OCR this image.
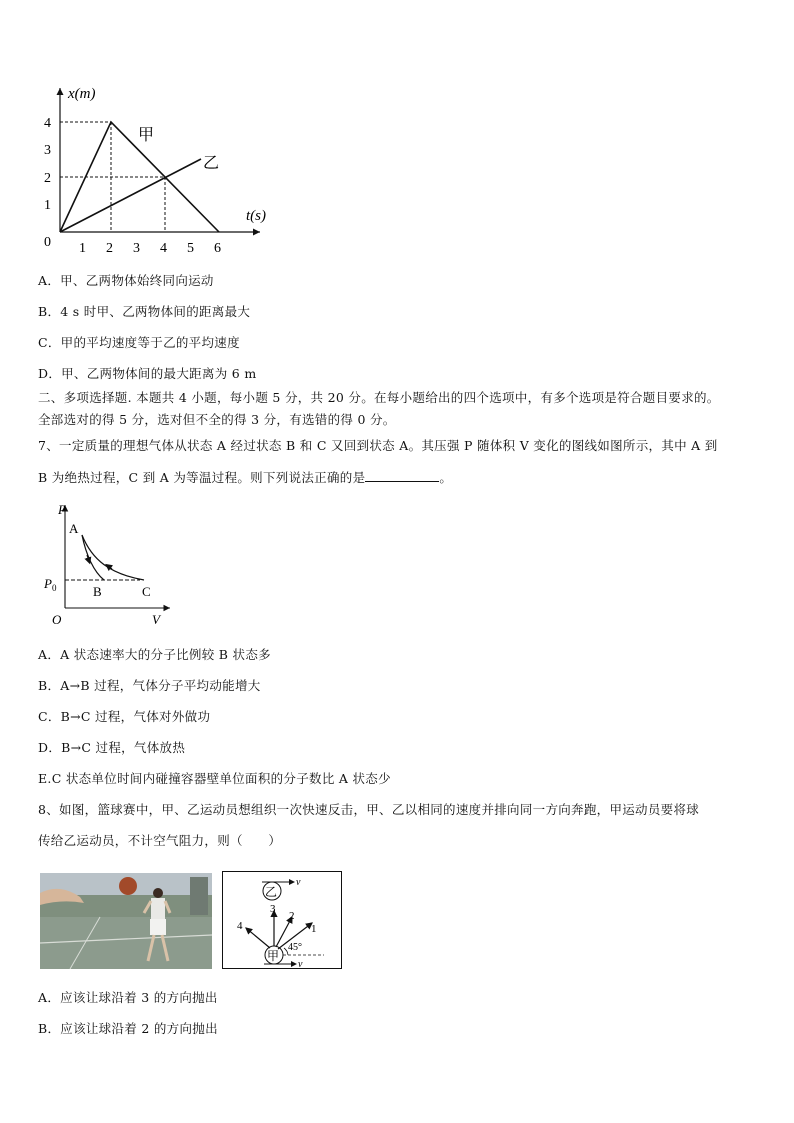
x(m)
t(s)
0
1
2
3
4
1 2 3 4 5 6
甲
乙
A．甲、乙两物体始终同向运动
B．4 s 时甲、乙两物体间的距离最大
C．甲的平均速度等于乙的平均速度
D．甲、乙两物体间的最大距离为 6 m
二、多项选择题. 本题共 4 小题，每小题 5 分，共 20 分。在每小题给出的四个选项中，有多个选项是符合题目要求的。
全部选对的得 5 分，选对但不全的得 3 分，有选错的得 0 分。
7、一定质量的理想气体从状态 A 经过状态 B 和 C 又回到状态 A。其压强 P 随体积 V 变化的图线如图所示，其中 A 到
B 为绝热过程，C 到 A 为等温过程。则下列说法正确的是	。
P
V
O
$P_0$
A
B	C
A．A 状态速率大的分子比例较 B 状态多
B．A→B 过程，气体分子平均动能增大
C．B→C 过程，气体对外做功
D．B→C 过程，气体放热
E.C 状态单位时间内碰撞容器壁单位面积的分子数比 A 状态少
8、如图，篮球赛中，甲、乙运动员想组织一次快速反击，甲、乙以相同的速度并排向同一方向奔跑，甲运动员要将球
传给乙运动员，不计空气阻力，则（　　）
乙
v
甲
v
1
2
3
4
45°
A．应该让球沿着 3 的方向抛出
B．应该让球沿着 2 的方向抛出
